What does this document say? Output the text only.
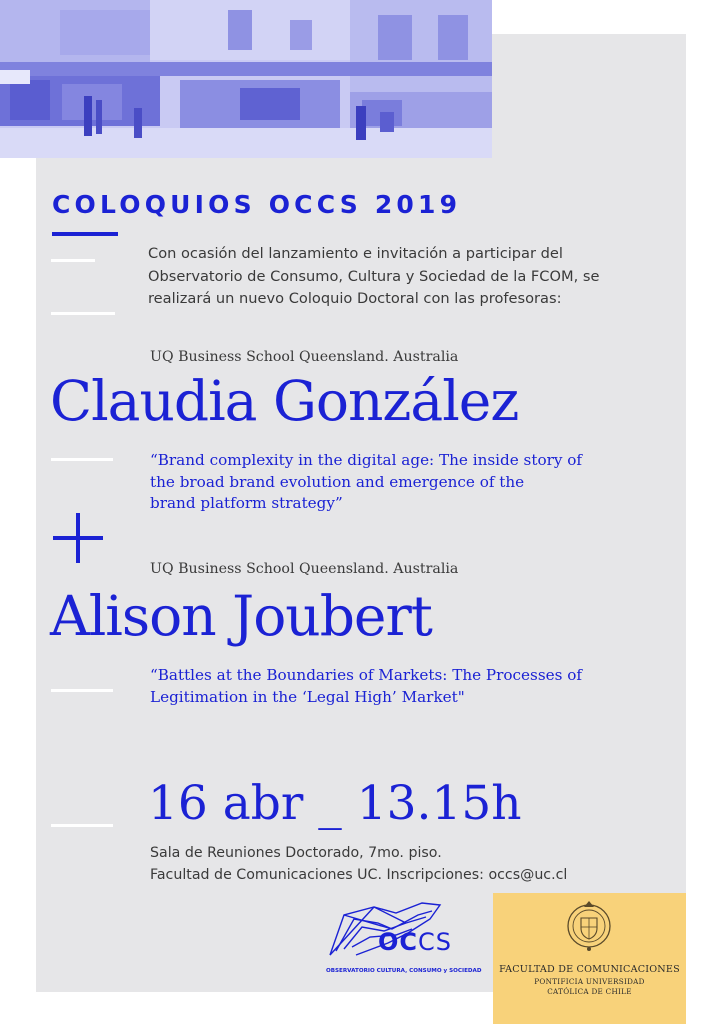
COLOQUIOS OCCS 2019

Con ocasión del lanzamiento e invitación a participar del
Observatorio de Consumo, Cultura y Sociedad de la FCOM, se
realizará un nuevo Coloquio Doctoral con las profesoras:

UQ Business School Queensland. Australia

Claudia González

“Brand complexity in the digital age: The inside story of
the broad brand evolution and emergence of the
brand platform strategy”

UQ Business School Queensland. Australia

Alison Joubert

“Battles at the Boundaries of Markets: The Processes of
Legitimation in the ‘Legal High’ Market"

16 abr _ 13.15h

Sala de Reuniones Doctorado, 7mo. piso.
Facultad de Comunicaciones UC. Inscripciones: occs@uc.cl

OCCS
OBSERVATORIO CULTURA, CONSUMO y SOCIEDAD	FACULTAD DE COMUNICACIONES

PONTIFICIA UNIVERSIDAD

CATÓLICA DE CHILE
